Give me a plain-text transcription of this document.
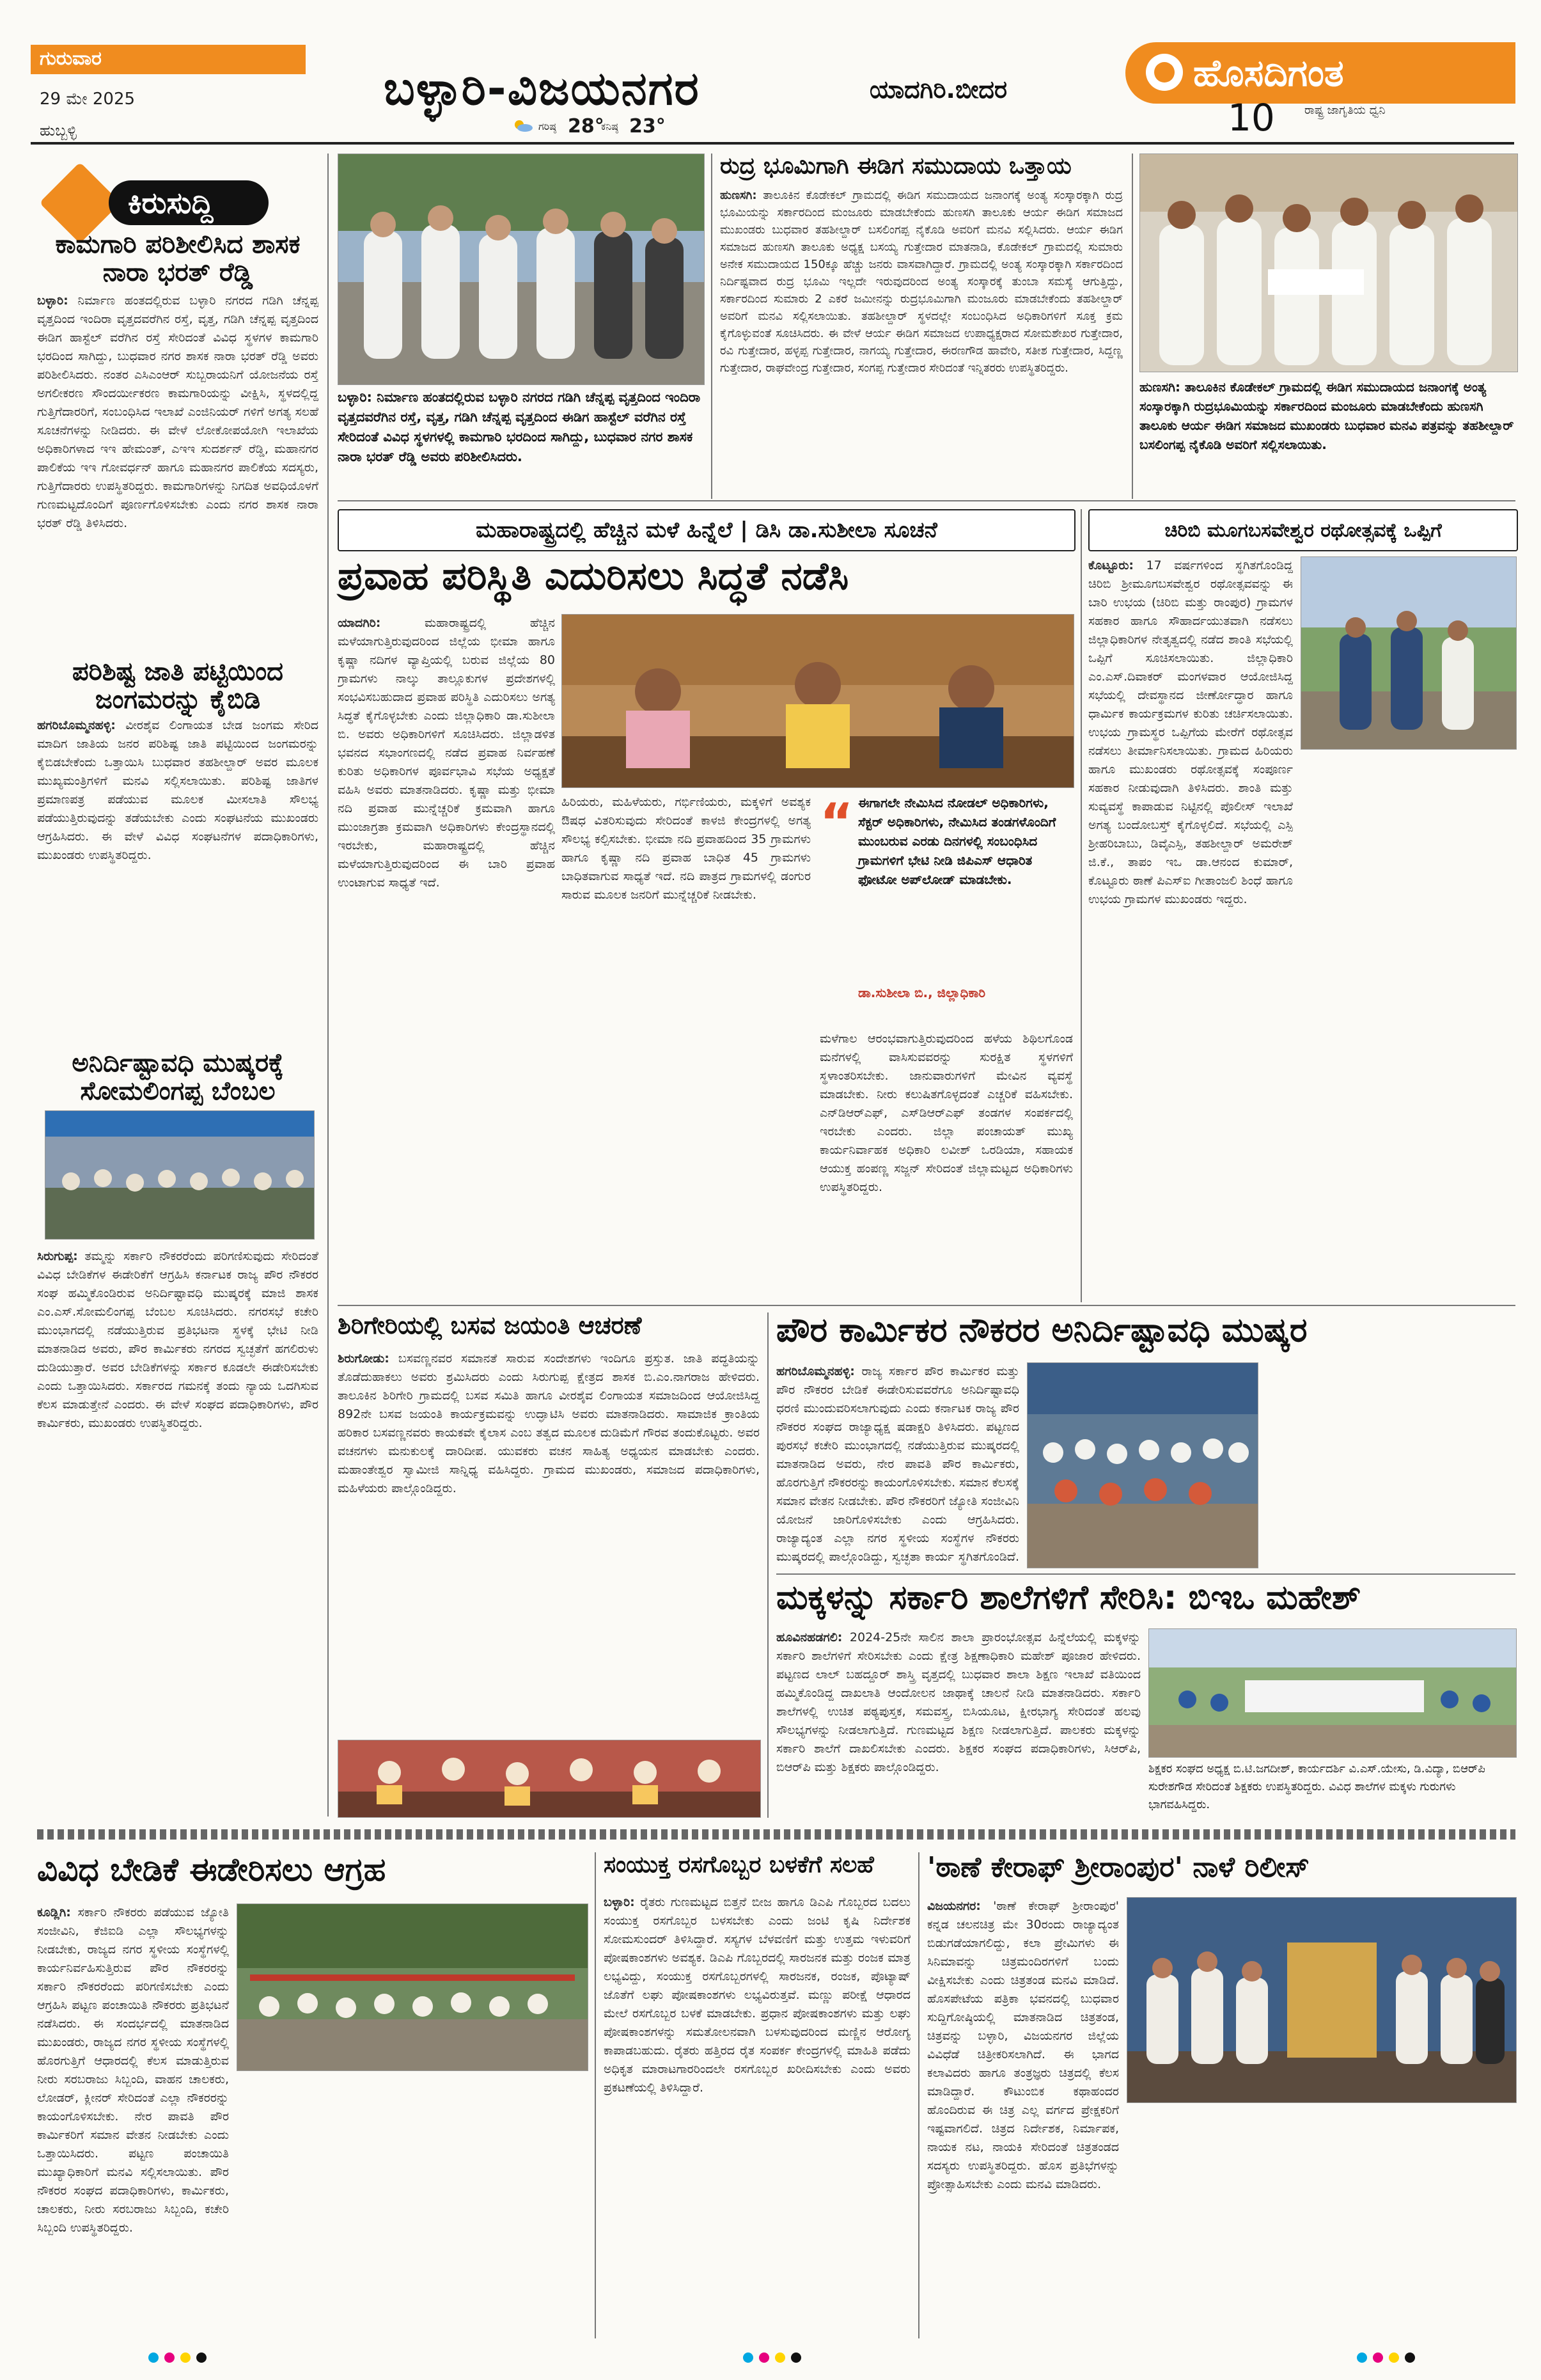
ಗುರುವಾರ
29 ಮೇ 2025
ಹುಬ್ಬಳ್ಳಿ
ಬಳ್ಳಾರಿ-ವಿಜಯನಗರ	ಯಾದಗಿರಿ.ಬೀದರ
ಗರಿಷ್ಠ 28°
ಕನಿಷ್ಠ 23°
ಹೊಸದಿಗಂತ
ರಾಷ್ಟ್ರ ಜಾಗೃತಿಯ ಧ್ವನಿ
10
ಕಿರುಸುದ್ದಿ
ಕಾಮಗಾರಿ ಪರಿಶೀಲಿಸಿದ ಶಾಸಕ ನಾರಾ ಭರತ್ ರೆಡ್ಡಿ
ಬಳ್ಳಾರಿ: ನಿರ್ಮಾಣ ಹಂತದಲ್ಲಿರುವ ಬಳ್ಳಾರಿ ನಗರದ ಗಡಿಗಿ ಚೆನ್ನಪ್ಪ ವೃತ್ತದಿಂದ ಇಂದಿರಾ ವೃತ್ತದವರೆಗಿನ ರಸ್ತೆ, ವೃತ್ತ, ಗಡಿಗಿ ಚೆನ್ನಪ್ಪ ವೃತ್ತದಿಂದ ಈಡಿಗ ಹಾಸ್ಟೆಲ್ ವರೆಗಿನ ರಸ್ತೆ ಸೇರಿದಂತೆ ವಿವಿಧ ಸ್ಥಳಗಳ ಕಾಮಗಾರಿ ಭರದಿಂದ ಸಾಗಿದ್ದು, ಬುಧವಾರ ನಗರ ಶಾಸಕ ನಾರಾ ಭರತ್ ರೆಡ್ಡಿ ಅವರು ಪರಿಶೀಲಿಸಿದರು. ನಂತರ ಎಸಿಎಂಆರ್ ಸುಬ್ಬರಾಯನಿಗೆ ಯೋಜನೆಯ ರಸ್ತೆ ಅಗಲೀಕರಣ ಸೌಂದರ್ಯೀಕರಣ ಕಾಮಗಾರಿಯನ್ನು ವೀಕ್ಷಿಸಿ, ಸ್ಥಳದಲ್ಲಿದ್ದ ಗುತ್ತಿಗೆದಾರರಿಗೆ, ಸಂಬಂಧಿಸಿದ ಇಲಾಖೆ ಎಂಜಿನಿಯರ್ ಗಳಿಗೆ ಅಗತ್ಯ ಸಲಹೆ ಸೂಚನೆಗಳನ್ನು ನೀಡಿದರು. ಈ ವೇಳೆ ಲೋಕೋಪಯೋಗಿ ಇಲಾಖೆಯ ಅಧಿಕಾರಿಗಳಾದ ಇಇ ಹೇಮಂತ್, ಎಇಇ ಸುದರ್ಶನ್ ರೆಡ್ಡಿ, ಮಹಾನಗರ ಪಾಲಿಕೆಯ ಇಇ ಗೋವರ್ಧನ್ ಹಾಗೂ ಮಹಾನಗರ ಪಾಲಿಕೆಯ ಸದಸ್ಯರು, ಗುತ್ತಿಗೆದಾರರು ಉಪಸ್ಥಿತರಿದ್ದರು. ಕಾಮಗಾರಿಗಳನ್ನು ನಿಗದಿತ ಅವಧಿಯೊಳಗೆ ಗುಣಮಟ್ಟದೊಂದಿಗೆ ಪೂರ್ಣಗೊಳಿಸಬೇಕು ಎಂದು ನಗರ ಶಾಸಕ ನಾರಾ ಭರತ್ ರೆಡ್ಡಿ ತಿಳಿಸಿದರು.
ಪರಿಶಿಷ್ಟ ಜಾತಿ ಪಟ್ಟಿಯಿಂದ ಜಂಗಮರನ್ನು ಕೈಬಿಡಿ
ಹಗರಿಬೊಮ್ಮನಹಳ್ಳಿ: ವೀರಶೈವ ಲಿಂಗಾಯತ ಬೇಡ ಜಂಗಮ ಸೇರಿದ ಮಾದಿಗ ಜಾತಿಯ ಜನರ ಪರಿಶಿಷ್ಟ ಜಾತಿ ಪಟ್ಟಿಯಿಂದ ಜಂಗಮರನ್ನು ಕೈಬಿಡಬೇಕೆಂದು ಒತ್ತಾಯಿಸಿ ಬುಧವಾರ ತಹಶೀಲ್ದಾರ್ ಅವರ ಮೂಲಕ ಮುಖ್ಯಮಂತ್ರಿಗಳಿಗೆ ಮನವಿ ಸಲ್ಲಿಸಲಾಯಿತು. ಪರಿಶಿಷ್ಟ ಜಾತಿಗಳ ಪ್ರಮಾಣಪತ್ರ ಪಡೆಯುವ ಮೂಲಕ ಮೀಸಲಾತಿ ಸೌಲಭ್ಯ ಪಡೆಯುತ್ತಿರುವುದನ್ನು ತಡೆಯಬೇಕು ಎಂದು ಸಂಘಟನೆಯ ಮುಖಂಡರು ಆಗ್ರಹಿಸಿದರು. ಈ ವೇಳೆ ವಿವಿಧ ಸಂಘಟನೆಗಳ ಪದಾಧಿಕಾರಿಗಳು, ಮುಖಂಡರು ಉಪಸ್ಥಿತರಿದ್ದರು.
ಅನಿರ್ದಿಷ್ಟಾವಧಿ ಮುಷ್ಕರಕ್ಕೆ ಸೋಮಲಿಂಗಪ್ಪ ಬೆಂಬಲ
ಸಿರುಗುಪ್ಪ: ತಮ್ಮನ್ನು ಸರ್ಕಾರಿ ನೌಕರರೆಂದು ಪರಿಗಣಿಸುವುದು ಸೇರಿದಂತೆ ವಿವಿಧ ಬೇಡಿಕೆಗಳ ಈಡೇರಿಕೆಗೆ ಆಗ್ರಹಿಸಿ ಕರ್ನಾಟಕ ರಾಜ್ಯ ಪೌರ ನೌಕರರ ಸಂಘ ಹಮ್ಮಿಕೊಂಡಿರುವ ಅನಿರ್ದಿಷ್ಟಾವಧಿ ಮುಷ್ಕರಕ್ಕೆ ಮಾಜಿ ಶಾಸಕ ಎಂ.ಎಸ್.ಸೋಮಲಿಂಗಪ್ಪ ಬೆಂಬಲ ಸೂಚಿಸಿದರು. ನಗರಸಭೆ ಕಚೇರಿ ಮುಂಭಾಗದಲ್ಲಿ ನಡೆಯುತ್ತಿರುವ ಪ್ರತಿಭಟನಾ ಸ್ಥಳಕ್ಕೆ ಭೇಟಿ ನೀಡಿ ಮಾತನಾಡಿದ ಅವರು, ಪೌರ ಕಾರ್ಮಿಕರು ನಗರದ ಸ್ವಚ್ಛತೆಗೆ ಹಗಲಿರುಳು ದುಡಿಯುತ್ತಾರೆ. ಅವರ ಬೇಡಿಕೆಗಳನ್ನು ಸರ್ಕಾರ ಕೂಡಲೇ ಈಡೇರಿಸಬೇಕು ಎಂದು ಒತ್ತಾಯಿಸಿದರು. ಸರ್ಕಾರದ ಗಮನಕ್ಕೆ ತಂದು ನ್ಯಾಯ ಒದಗಿಸುವ ಕೆಲಸ ಮಾಡುತ್ತೇನೆ ಎಂದರು. ಈ ವೇಳೆ ಸಂಘದ ಪದಾಧಿಕಾರಿಗಳು, ಪೌರ ಕಾರ್ಮಿಕರು, ಮುಖಂಡರು ಉಪಸ್ಥಿತರಿದ್ದರು.
ಬಳ್ಳಾರಿ: ನಿರ್ಮಾಣ ಹಂತದಲ್ಲಿರುವ ಬಳ್ಳಾರಿ ನಗರದ ಗಡಿಗಿ ಚೆನ್ನಪ್ಪ ವೃತ್ತದಿಂದ ಇಂದಿರಾ ವೃತ್ತದವರೆಗಿನ ರಸ್ತೆ, ವೃತ್ತ, ಗಡಿಗಿ ಚೆನ್ನಪ್ಪ ವೃತ್ತದಿಂದ ಈಡಿಗ ಹಾಸ್ಟೆಲ್ ವರೆಗಿನ ರಸ್ತೆ ಸೇರಿದಂತೆ ವಿವಿಧ ಸ್ಥಳಗಳಲ್ಲಿ ಕಾಮಗಾರಿ ಭರದಿಂದ ಸಾಗಿದ್ದು, ಬುಧವಾರ ನಗರ ಶಾಸಕ ನಾರಾ ಭರತ್ ರೆಡ್ಡಿ ಅವರು ಪರಿಶೀಲಿಸಿದರು.
ರುದ್ರ ಭೂಮಿಗಾಗಿ ಈಡಿಗ ಸಮುದಾಯ ಒತ್ತಾಯ
ಹುಣಸಗಿ: ತಾಲೂಕಿನ ಕೊಡೇಕಲ್ ಗ್ರಾಮದಲ್ಲಿ ಈಡಿಗ ಸಮುದಾಯದ ಜನಾಂಗಕ್ಕೆ ಅಂತ್ಯ ಸಂಸ್ಕಾರಕ್ಕಾಗಿ ರುದ್ರ ಭೂಮಿಯನ್ನು ಸರ್ಕಾರದಿಂದ ಮಂಜೂರು ಮಾಡಬೇಕೆಂದು ಹುಣಸಗಿ ತಾಲೂಕು ಆರ್ಯ ಈಡಿಗ ಸಮಾಜದ ಮುಖಂಡರು ಬುಧವಾರ ತಹಶೀಲ್ದಾರ್ ಬಸಲಿಂಗಪ್ಪ ನೈಕೊಡಿ ಅವರಿಗೆ ಮನವಿ ಸಲ್ಲಿಸಿದರು. ಆರ್ಯ ಈಡಿಗ ಸಮಾಜದ ಹುಣಸಗಿ ತಾಲೂಕು ಅಧ್ಯಕ್ಷ ಬಸಯ್ಯ ಗುತ್ತೇದಾರ ಮಾತನಾಡಿ, ಕೊಡೇಕಲ್ ಗ್ರಾಮದಲ್ಲಿ ಸುಮಾರು ಅನೇಕ ಸಮುದಾಯದ 150ಕ್ಕೂ ಹೆಚ್ಚು ಜನರು ವಾಸವಾಗಿದ್ದಾರೆ. ಗ್ರಾಮದಲ್ಲಿ ಅಂತ್ಯ ಸಂಸ್ಕಾರಕ್ಕಾಗಿ ಸರ್ಕಾರದಿಂದ ನಿರ್ದಿಷ್ಟವಾದ ರುದ್ರ ಭೂಮಿ ಇಲ್ಲದೇ ಇರುವುದರಿಂದ ಅಂತ್ಯ ಸಂಸ್ಕಾರಕ್ಕೆ ತುಂಬಾ ಸಮಸ್ಯೆ ಆಗುತ್ತಿದ್ದು, ಸರ್ಕಾರದಿಂದ ಸುಮಾರು 2 ಎಕರೆ ಜಮೀನನ್ನು ರುದ್ರಭೂಮಿಗಾಗಿ ಮಂಜೂರು ಮಾಡಬೇಕೆಂದು ತಹಶೀಲ್ದಾರ್ ಅವರಿಗೆ ಮನವಿ ಸಲ್ಲಿಸಲಾಯಿತು. ತಹಶೀಲ್ದಾರ್ ಸ್ಥಳದಲ್ಲೇ ಸಂಬಂಧಿಸಿದ ಅಧಿಕಾರಿಗಳಿಗೆ ಸೂಕ್ತ ಕ್ರಮ ಕೈಗೊಳ್ಳುವಂತೆ ಸೂಚಿಸಿದರು. ಈ ವೇಳೆ ಆರ್ಯ ಈಡಿಗ ಸಮಾಜದ ಉಪಾಧ್ಯಕ್ಷರಾದ ಸೋಮಶೇಖರ ಗುತ್ತೇದಾರ, ರವಿ ಗುತ್ತೇದಾರ, ಹಳ್ಳಪ್ಪ ಗುತ್ತೇದಾರ, ನಾಗಯ್ಯ ಗುತ್ತೇದಾರ, ಈರಣಗೌಡ ಹಾವೇರಿ, ಸತೀಶ ಗುತ್ತೇದಾರ, ಸಿದ್ದಣ್ಣ ಗುತ್ತೇದಾರ, ರಾಘವೇಂದ್ರ ಗುತ್ತೇದಾರ, ಸಂಗಪ್ಪ ಗುತ್ತೇದಾರ ಸೇರಿದಂತೆ ಇನ್ನಿತರರು ಉಪಸ್ಥಿತರಿದ್ದರು.
ಹುಣಸಗಿ: ತಾಲೂಕಿನ ಕೊಡೇಕಲ್ ಗ್ರಾಮದಲ್ಲಿ ಈಡಿಗ ಸಮುದಾಯದ ಜನಾಂಗಕ್ಕೆ ಅಂತ್ಯ ಸಂಸ್ಕಾರಕ್ಕಾಗಿ ರುದ್ರಭೂಮಿಯನ್ನು ಸರ್ಕಾರದಿಂದ ಮಂಜೂರು ಮಾಡಬೇಕೆಂದು ಹುಣಸಗಿ ತಾಲೂಕು ಆರ್ಯ ಈಡಿಗ ಸಮಾಜದ ಮುಖಂಡರು ಬುಧವಾರ ಮನವಿ ಪತ್ರವನ್ನು ತಹಶೀಲ್ದಾರ್ ಬಸಲಿಂಗಪ್ಪ ನೈಕೊಡಿ ಅವರಿಗೆ ಸಲ್ಲಿಸಲಾಯಿತು.
ಮಹಾರಾಷ್ಟ್ರದಲ್ಲಿ ಹೆಚ್ಚಿನ ಮಳೆ ಹಿನ್ನೆಲೆ | ಡಿಸಿ ಡಾ.ಸುಶೀಲಾ ಸೂಚನೆ
ಪ್ರವಾಹ ಪರಿಸ್ಥಿತಿ ಎದುರಿಸಲು ಸಿದ್ಧತೆ ನಡೆಸಿ
ಯಾದಗಿರಿ:	ಮಹಾರಾಷ್ಟ್ರದಲ್ಲಿ ಹೆಚ್ಚಿನ ಮಳೆಯಾಗುತ್ತಿರುವುದರಿಂದ ಜಿಲ್ಲೆಯ ಭೀಮಾ ಹಾಗೂ ಕೃಷ್ಣಾ ನದಿಗಳ ವ್ಯಾಪ್ತಿಯಲ್ಲಿ ಬರುವ ಜಿಲ್ಲೆಯ 80 ಗ್ರಾಮಗಳು ನಾಲ್ಕು ತಾಲ್ಲೂಕುಗಳ ಪ್ರದೇಶಗಳಲ್ಲಿ ಸಂಭವಿಸಬಹುದಾದ ಪ್ರವಾಹ ಪರಿಸ್ಥಿತಿ ಎದುರಿಸಲು ಅಗತ್ಯ ಸಿದ್ಧತೆ ಕೈಗೊಳ್ಳಬೇಕು ಎಂದು ಜಿಲ್ಲಾಧಿಕಾರಿ ಡಾ.ಸುಶೀಲಾ ಬಿ. ಅವರು ಅಧಿಕಾರಿಗಳಿಗೆ ಸೂಚಿಸಿದರು. ಜಿಲ್ಲಾಡಳಿತ ಭವನದ ಸಭಾಂಗಣದಲ್ಲಿ ನಡೆದ ಪ್ರವಾಹ ನಿರ್ವಹಣೆ ಕುರಿತು ಅಧಿಕಾರಿಗಳ ಪೂರ್ವಭಾವಿ ಸಭೆಯ ಅಧ್ಯಕ್ಷತೆ ವಹಿಸಿ ಅವರು ಮಾತನಾಡಿದರು. ಕೃಷ್ಣಾ ಮತ್ತು ಭೀಮಾ ನದಿ ಪ್ರವಾಹ ಮುನ್ನೆಚ್ಚರಿಕೆ ಕ್ರಮವಾಗಿ ಹಾಗೂ ಮುಂಜಾಗ್ರತಾ ಕ್ರಮವಾಗಿ ಅಧಿಕಾರಿಗಳು ಕೇಂದ್ರಸ್ಥಾನದಲ್ಲಿ ಇರಬೇಕು, ಮಹಾರಾಷ್ಟ್ರದಲ್ಲಿ ಹೆಚ್ಚಿನ ಮಳೆಯಾಗುತ್ತಿರುವುದರಿಂದ ಈ ಬಾರಿ ಪ್ರವಾಹ ಉಂಟಾಗುವ ಸಾಧ್ಯತೆ ಇದೆ.
ಹಿರಿಯರು, ಮಹಿಳೆಯರು, ಗರ್ಭಿಣಿಯರು, ಮಕ್ಕಳಿಗೆ ಅವಶ್ಯಕ ಔಷಧ ವಿತರಿಸುವುದು ಸೇರಿದಂತೆ ಕಾಳಜಿ ಕೇಂದ್ರಗಳಲ್ಲಿ ಅಗತ್ಯ ಸೌಲಭ್ಯ ಕಲ್ಪಿಸಬೇಕು. ಭೀಮಾ ನದಿ ಪ್ರವಾಹದಿಂದ 35 ಗ್ರಾಮಗಳು ಹಾಗೂ ಕೃಷ್ಣಾ ನದಿ ಪ್ರವಾಹ ಬಾಧಿತ 45 ಗ್ರಾಮಗಳು ಬಾಧಿತವಾಗುವ ಸಾಧ್ಯತೆ ಇದೆ. ನದಿ ಪಾತ್ರದ ಗ್ರಾಮಗಳಲ್ಲಿ ಡಂಗುರ ಸಾರುವ ಮೂಲಕ ಜನರಿಗೆ ಮುನ್ನೆಚ್ಚರಿಕೆ ನೀಡಬೇಕು.
“ ಈಗಾಗಲೇ ನೇಮಿಸಿದ ನೋಡಲ್ ಅಧಿಕಾರಿಗಳು, ಸೆಕ್ಟರ್ ಅಧಿಕಾರಿಗಳು, ನೇಮಿಸಿದ ತಂಡಗಳೊಂದಿಗೆ ಮುಂಬರುವ ಎರಡು ದಿನಗಳಲ್ಲಿ ಸಂಬಂಧಿಸಿದ ಗ್ರಾಮಗಳಿಗೆ ಭೇಟಿ ನೀಡಿ ಜಿಪಿಎಸ್ ಆಧಾರಿತ ಫೋಟೋ ಅಪ್‌ಲೋಡ್ ಮಾಡಬೇಕು.
ಡಾ.ಸುಶೀಲಾ ಬಿ., ಜಿಲ್ಲಾಧಿಕಾರಿ
ಮಳೆಗಾಲ ಆರಂಭವಾಗುತ್ತಿರುವುದರಿಂದ ಹಳೆಯ ಶಿಥಿಲಗೊಂಡ ಮನೆಗಳಲ್ಲಿ ವಾಸಿಸುವವರನ್ನು ಸುರಕ್ಷಿತ ಸ್ಥಳಗಳಿಗೆ ಸ್ಥಳಾಂತರಿಸಬೇಕು. ಜಾನುವಾರುಗಳಿಗೆ ಮೇವಿನ ವ್ಯವಸ್ಥೆ ಮಾಡಬೇಕು. ನೀರು ಕಲುಷಿತಗೊಳ್ಳದಂತೆ ಎಚ್ಚರಿಕೆ ವಹಿಸಬೇಕು. ಎನ್‌ಡಿಆರ್‌ಎಫ್, ಎಸ್‌ಡಿಆರ್‌ಎಫ್ ತಂಡಗಳ ಸಂಪರ್ಕದಲ್ಲಿ ಇರಬೇಕು ಎಂದರು. ಜಿಲ್ಲಾ ಪಂಚಾಯತ್ ಮುಖ್ಯ ಕಾರ್ಯನಿರ್ವಾಹಕ ಅಧಿಕಾರಿ ಲವೀಶ್ ಒರಡಿಯಾ, ಸಹಾಯಕ ಆಯುಕ್ತ ಹಂಪಣ್ಣ ಸಜ್ಜನ್ ಸೇರಿದಂತೆ ಜಿಲ್ಲಾಮಟ್ಟದ ಅಧಿಕಾರಿಗಳು ಉಪಸ್ಥಿತರಿದ್ದರು.
ಚಿರಿಬಿ ಮೂಗಬಸವೇಶ್ವರ ರಥೋತ್ಸವಕ್ಕೆ ಒಪ್ಪಿಗೆ
ಕೊಟ್ಟೂರು: 17 ವರ್ಷಗಳಿಂದ ಸ್ಥಗಿತಗೊಂಡಿದ್ದ ಚಿರಿಬಿ ಶ್ರೀಮೂಗಬಸವೇಶ್ವರ ರಥೋತ್ಸವವನ್ನು ಈ ಬಾರಿ ಉಭಯ (ಚಿರಿಬಿ ಮತ್ತು ರಾಂಪುರ) ಗ್ರಾಮಗಳ ಸಹಕಾರ ಹಾಗೂ ಸೌಹಾರ್ದಯುತವಾಗಿ ನಡೆಸಲು ಜಿಲ್ಲಾಧಿಕಾರಿಗಳ ನೇತೃತ್ವದಲ್ಲಿ ನಡೆದ ಶಾಂತಿ ಸಭೆಯಲ್ಲಿ ಒಪ್ಪಿಗೆ ಸೂಚಿಸಲಾಯಿತು. ಜಿಲ್ಲಾಧಿಕಾರಿ ಎಂ.ಎಸ್.ದಿವಾಕರ್ ಮಂಗಳವಾರ ಆಯೋಜಿಸಿದ್ದ ಸಭೆಯಲ್ಲಿ ದೇವಸ್ಥಾನದ ಜೀರ್ಣೋದ್ಧಾರ ಹಾಗೂ ಧಾರ್ಮಿಕ ಕಾರ್ಯಕ್ರಮಗಳ ಕುರಿತು ಚರ್ಚಿಸಲಾಯಿತು. ಉಭಯ ಗ್ರಾಮಸ್ಥರ ಒಪ್ಪಿಗೆಯ ಮೇರೆಗೆ ರಥೋತ್ಸವ ನಡೆಸಲು ತೀರ್ಮಾನಿಸಲಾಯಿತು. ಗ್ರಾಮದ ಹಿರಿಯರು ಹಾಗೂ ಮುಖಂಡರು ರಥೋತ್ಸವಕ್ಕೆ ಸಂಪೂರ್ಣ ಸಹಕಾರ ನೀಡುವುದಾಗಿ ತಿಳಿಸಿದರು. ಶಾಂತಿ ಮತ್ತು ಸುವ್ಯವಸ್ಥೆ ಕಾಪಾಡುವ ನಿಟ್ಟಿನಲ್ಲಿ ಪೊಲೀಸ್ ಇಲಾಖೆ ಅಗತ್ಯ ಬಂದೋಬಸ್ತ್ ಕೈಗೊಳ್ಳಲಿದೆ. ಸಭೆಯಲ್ಲಿ ಎಸ್ಪಿ ಶ್ರೀಹರಿಬಾಬು, ಡಿವೈಎಸ್ಪಿ, ತಹಶೀಲ್ದಾರ್ ಅಮರೇಶ್ ಜಿ.ಕೆ., ತಾಪಂ ಇಒ ಡಾ.ಆನಂದ ಕುಮಾರ್, ಕೊಟ್ಟೂರು ಠಾಣೆ ಪಿಎಸ್ಐ ಗೀತಾಂಜಲಿ ಶಿಂಧೆ ಹಾಗೂ ಉಭಯ ಗ್ರಾಮಗಳ ಮುಖಂಡರು ಇದ್ದರು.
ಶಿರಿಗೇರಿಯಲ್ಲಿ ಬಸವ ಜಯಂತಿ ಆಚರಣೆ
ಶಿರುಗೋಡು: ಬಸವಣ್ಣನವರ ಸಮಾನತೆ ಸಾರುವ ಸಂದೇಶಗಳು ಇಂದಿಗೂ ಪ್ರಸ್ತುತ. ಜಾತಿ ಪದ್ಧತಿಯನ್ನು ತೊಡೆದುಹಾಕಲು ಅವರು ಶ್ರಮಿಸಿದರು ಎಂದು ಸಿರುಗುಪ್ಪ ಕ್ಷೇತ್ರದ ಶಾಸಕ ಬಿ.ಎಂ.ನಾಗರಾಜ ಹೇಳಿದರು. ತಾಲೂಕಿನ ಶಿರಿಗೇರಿ ಗ್ರಾಮದಲ್ಲಿ ಬಸವ ಸಮಿತಿ ಹಾಗೂ ವೀರಶೈವ ಲಿಂಗಾಯತ ಸಮಾಜದಿಂದ ಆಯೋಜಿಸಿದ್ದ 892ನೇ ಬಸವ ಜಯಂತಿ ಕಾರ್ಯಕ್ರಮವನ್ನು ಉದ್ಘಾಟಿಸಿ ಅವರು ಮಾತನಾಡಿದರು. ಸಾಮಾಜಿಕ ಕ್ರಾಂತಿಯ ಹರಿಕಾರ ಬಸವಣ್ಣನವರು ಕಾಯಕವೇ ಕೈಲಾಸ ಎಂಬ ತತ್ವದ ಮೂಲಕ ದುಡಿಮೆಗೆ ಗೌರವ ತಂದುಕೊಟ್ಟರು. ಅವರ ವಚನಗಳು ಮನುಕುಲಕ್ಕೆ ದಾರಿದೀಪ. ಯುವಕರು ವಚನ ಸಾಹಿತ್ಯ ಅಧ್ಯಯನ ಮಾಡಬೇಕು ಎಂದರು. ಮಹಾಂತೇಶ್ವರ ಸ್ವಾಮೀಜಿ ಸಾನ್ನಿಧ್ಯ ವಹಿಸಿದ್ದರು. ಗ್ರಾಮದ ಮುಖಂಡರು, ಸಮಾಜದ ಪದಾಧಿಕಾರಿಗಳು, ಮಹಿಳೆಯರು ಪಾಲ್ಗೊಂಡಿದ್ದರು.
ಪೌರ ಕಾರ್ಮಿಕರ ನೌಕರರ ಅನಿರ್ದಿಷ್ಟಾವಧಿ ಮುಷ್ಕರ
ಹಗರಿಬೊಮ್ಮನಹಳ್ಳಿ: ರಾಜ್ಯ ಸರ್ಕಾರ ಪೌರ ಕಾರ್ಮಿಕರ ಮತ್ತು ಪೌರ ನೌಕರರ ಬೇಡಿಕೆ ಈಡೇರಿಸುವವರೆಗೂ ಅನಿರ್ದಿಷ್ಟಾವಧಿ ಧರಣಿ ಮುಂದುವರಿಸಲಾಗುವುದು ಎಂದು ಕರ್ನಾಟಕ ರಾಜ್ಯ ಪೌರ ನೌಕರರ ಸಂಘದ ರಾಜ್ಯಾಧ್ಯಕ್ಷ ಷಡಾಕ್ಷರಿ ತಿಳಿಸಿದರು. ಪಟ್ಟಣದ ಪುರಸಭೆ ಕಚೇರಿ ಮುಂಭಾಗದಲ್ಲಿ ನಡೆಯುತ್ತಿರುವ ಮುಷ್ಕರದಲ್ಲಿ ಮಾತನಾಡಿದ ಅವರು, ನೇರ ಪಾವತಿ ಪೌರ ಕಾರ್ಮಿಕರು, ಹೊರಗುತ್ತಿಗೆ ನೌಕರರನ್ನು ಕಾಯಂಗೊಳಿಸಬೇಕು. ಸಮಾನ ಕೆಲಸಕ್ಕೆ ಸಮಾನ ವೇತನ ನೀಡಬೇಕು. ಪೌರ ನೌಕರರಿಗೆ ಜ್ಯೋತಿ ಸಂಜೀವಿನಿ ಯೋಜನೆ ಜಾರಿಗೊಳಿಸಬೇಕು ಎಂದು ಆಗ್ರಹಿಸಿದರು. ರಾಜ್ಯಾದ್ಯಂತ ಎಲ್ಲಾ ನಗರ ಸ್ಥಳೀಯ ಸಂಸ್ಥೆಗಳ ನೌಕರರು ಮುಷ್ಕರದಲ್ಲಿ ಪಾಲ್ಗೊಂಡಿದ್ದು, ಸ್ವಚ್ಛತಾ ಕಾರ್ಯ ಸ್ಥಗಿತಗೊಂಡಿದೆ.
ಮಕ್ಕಳನ್ನು ಸರ್ಕಾರಿ ಶಾಲೆಗಳಿಗೆ ಸೇರಿಸಿ: ಬಿಇಒ ಮಹೇಶ್
ಹೂವಿನಹಡಗಲಿ: 2024-25ನೇ ಸಾಲಿನ ಶಾಲಾ ಪ್ರಾರಂಭೋತ್ಸವ ಹಿನ್ನೆಲೆಯಲ್ಲಿ ಮಕ್ಕಳನ್ನು ಸರ್ಕಾರಿ ಶಾಲೆಗಳಿಗೆ ಸೇರಿಸಬೇಕು ಎಂದು ಕ್ಷೇತ್ರ ಶಿಕ್ಷಣಾಧಿಕಾರಿ ಮಹೇಶ್ ಪೂಜಾರ ಹೇಳಿದರು. ಪಟ್ಟಣದ ಲಾಲ್ ಬಹದ್ದೂರ್ ಶಾಸ್ತ್ರಿ ವೃತ್ತದಲ್ಲಿ ಬುಧವಾರ ಶಾಲಾ ಶಿಕ್ಷಣ ಇಲಾಖೆ ವತಿಯಿಂದ ಹಮ್ಮಿಕೊಂಡಿದ್ದ ದಾಖಲಾತಿ ಆಂದೋಲನ ಜಾಥಾಕ್ಕೆ ಚಾಲನೆ ನೀಡಿ ಮಾತನಾಡಿದರು. ಸರ್ಕಾರಿ ಶಾಲೆಗಳಲ್ಲಿ ಉಚಿತ ಪಠ್ಯಪುಸ್ತಕ, ಸಮವಸ್ತ್ರ, ಬಿಸಿಯೂಟ, ಕ್ಷೀರಭಾಗ್ಯ ಸೇರಿದಂತೆ ಹಲವು ಸೌಲಭ್ಯಗಳನ್ನು ನೀಡಲಾಗುತ್ತಿದೆ. ಗುಣಮಟ್ಟದ ಶಿಕ್ಷಣ ನೀಡಲಾಗುತ್ತಿದೆ. ಪಾಲಕರು ಮಕ್ಕಳನ್ನು ಸರ್ಕಾರಿ ಶಾಲೆಗೆ ದಾಖಲಿಸಬೇಕು ಎಂದರು. ಶಿಕ್ಷಕರ ಸಂಘದ ಪದಾಧಿಕಾರಿಗಳು, ಸಿಆರ್‌ಪಿ, ಬಿಆರ್‌ಪಿ ಮತ್ತು ಶಿಕ್ಷಕರು ಪಾಲ್ಗೊಂಡಿದ್ದರು.	ಶಿಕ್ಷಕರ ಸಂಘದ ಅಧ್ಯಕ್ಷ ಬಿ.ಟಿ.ಜಗದೀಶ್, ಕಾರ್ಯದರ್ಶಿ ವಿ.ಎಸ್.ಯೇಸು, ಡಿ.ವಿದ್ಯಾ, ಬಿಆರ್‌ಪಿ ಸುರೇಶಗೌಡ ಸೇರಿದಂತೆ ಶಿಕ್ಷಕರು ಉಪಸ್ಥಿತರಿದ್ದರು. ವಿವಿಧ ಶಾಲೆಗಳ ಮಕ್ಕಳು ಗುರುಗಳು ಭಾಗವಹಿಸಿದ್ದರು.
ವಿವಿಧ ಬೇಡಿಕೆ ಈಡೇರಿಸಲು ಆಗ್ರಹ
ಕೂಡ್ಲಿಗಿ: ಸರ್ಕಾರಿ ನೌಕರರು ಪಡೆಯುವ ಜ್ಯೋತಿ ಸಂಜೀವಿನಿ, ಕೆಜಿಐಡಿ ಎಲ್ಲಾ ಸೌಲಭ್ಯಗಳನ್ನು ನೀಡಬೇಕು, ರಾಜ್ಯದ ನಗರ ಸ್ಥಳೀಯ ಸಂಸ್ಥೆಗಳಲ್ಲಿ ಕಾರ್ಯನಿರ್ವಹಿಸುತ್ತಿರುವ ಪೌರ ನೌಕರರನ್ನು ಸರ್ಕಾರಿ ನೌಕರರೆಂದು ಪರಿಗಣಿಸಬೇಕು ಎಂದು ಆಗ್ರಹಿಸಿ ಪಟ್ಟಣ ಪಂಚಾಯಿತಿ ನೌಕರರು ಪ್ರತಿಭಟನೆ ನಡೆಸಿದರು. ಈ ಸಂದರ್ಭದಲ್ಲಿ ಮಾತನಾಡಿದ ಮುಖಂಡರು, ರಾಜ್ಯದ ನಗರ ಸ್ಥಳೀಯ ಸಂಸ್ಥೆಗಳಲ್ಲಿ ಹೊರಗುತ್ತಿಗೆ ಆಧಾರದಲ್ಲಿ ಕೆಲಸ ಮಾಡುತ್ತಿರುವ ನೀರು ಸರಬರಾಜು ಸಿಬ್ಬಂದಿ, ವಾಹನ ಚಾಲಕರು, ಲೋಡರ್, ಕ್ಲೀನರ್ ಸೇರಿದಂತೆ ಎಲ್ಲಾ ನೌಕರರನ್ನು ಕಾಯಂಗೊಳಿಸಬೇಕು. ನೇರ ಪಾವತಿ ಪೌರ ಕಾರ್ಮಿಕರಿಗೆ ಸಮಾನ ವೇತನ ನೀಡಬೇಕು ಎಂದು ಒತ್ತಾಯಿಸಿದರು. ಪಟ್ಟಣ ಪಂಚಾಯಿತಿ ಮುಖ್ಯಾಧಿಕಾರಿಗೆ ಮನವಿ ಸಲ್ಲಿಸಲಾಯಿತು. ಪೌರ ನೌಕರರ ಸಂಘದ ಪದಾಧಿಕಾರಿಗಳು, ಕಾರ್ಮಿಕರು, ಚಾಲಕರು, ನೀರು ಸರಬರಾಜು ಸಿಬ್ಬಂದಿ, ಕಚೇರಿ ಸಿಬ್ಬಂದಿ ಉಪಸ್ಥಿತರಿದ್ದರು.
ಸಂಯುಕ್ತ ರಸಗೊಬ್ಬರ ಬಳಕೆಗೆ ಸಲಹೆ
ಬಳ್ಳಾರಿ: ರೈತರು ಗುಣಮಟ್ಟದ ಬಿತ್ತನೆ ಬೀಜ ಹಾಗೂ ಡಿಎಪಿ ಗೊಬ್ಬರದ ಬದಲು ಸಂಯುಕ್ತ ರಸಗೊಬ್ಬರ ಬಳಸಬೇಕು ಎಂದು ಜಂಟಿ ಕೃಷಿ ನಿರ್ದೇಶಕ ಸೋಮಸುಂದರ್ ತಿಳಿಸಿದ್ದಾರೆ. ಸಸ್ಯಗಳ ಬೆಳವಣಿಗೆ ಮತ್ತು ಉತ್ತಮ ಇಳುವರಿಗೆ ಪೋಷಕಾಂಶಗಳು ಅವಶ್ಯಕ. ಡಿಎಪಿ ಗೊಬ್ಬರದಲ್ಲಿ ಸಾರಜನಕ ಮತ್ತು ರಂಜಕ ಮಾತ್ರ ಲಭ್ಯವಿದ್ದು, ಸಂಯುಕ್ತ ರಸಗೊಬ್ಬರಗಳಲ್ಲಿ ಸಾರಜನಕ, ರಂಜಕ, ಪೊಟ್ಯಾಷ್ ಜೊತೆಗೆ ಲಘು ಪೋಷಕಾಂಶಗಳು ಲಭ್ಯವಿರುತ್ತವೆ. ಮಣ್ಣು ಪರೀಕ್ಷೆ ಆಧಾರದ ಮೇಲೆ ರಸಗೊಬ್ಬರ ಬಳಕೆ ಮಾಡಬೇಕು. ಪ್ರಧಾನ ಪೋಷಕಾಂಶಗಳು ಮತ್ತು ಲಘು ಪೋಷಕಾಂಶಗಳನ್ನು ಸಮತೋಲನವಾಗಿ ಬಳಸುವುದರಿಂದ ಮಣ್ಣಿನ ಆರೋಗ್ಯ ಕಾಪಾಡಬಹುದು. ರೈತರು ಹತ್ತಿರದ ರೈತ ಸಂಪರ್ಕ ಕೇಂದ್ರಗಳಲ್ಲಿ ಮಾಹಿತಿ ಪಡೆದು ಅಧಿಕೃತ ಮಾರಾಟಗಾರರಿಂದಲೇ ರಸಗೊಬ್ಬರ ಖರೀದಿಸಬೇಕು ಎಂದು ಅವರು ಪ್ರಕಟಣೆಯಲ್ಲಿ ತಿಳಿಸಿದ್ದಾರೆ.
'ಠಾಣೆ ಕೇರಾಫ್ ಶ್ರೀರಾಂಪುರ' ನಾಳೆ ರಿಲೀಸ್
ವಿಜಯನಗರ: 'ಠಾಣೆ ಕೇರಾಫ್ ಶ್ರೀರಾಂಪುರ' ಕನ್ನಡ ಚಲನಚಿತ್ರ ಮೇ 30ರಂದು ರಾಜ್ಯಾದ್ಯಂತ ಬಿಡುಗಡೆಯಾಗಲಿದ್ದು, ಕಲಾ ಪ್ರೇಮಿಗಳು ಈ ಸಿನಿಮಾವನ್ನು ಚಿತ್ರಮಂದಿರಗಳಿಗೆ ಬಂದು ವೀಕ್ಷಿಸಬೇಕು ಎಂದು ಚಿತ್ರತಂಡ ಮನವಿ ಮಾಡಿದೆ. ಹೊಸಪೇಟೆಯ ಪತ್ರಿಕಾ ಭವನದಲ್ಲಿ ಬುಧವಾರ ಸುದ್ದಿಗೋಷ್ಠಿಯಲ್ಲಿ ಮಾತನಾಡಿದ ಚಿತ್ರತಂಡ, ಚಿತ್ರವನ್ನು ಬಳ್ಳಾರಿ, ವಿಜಯನಗರ ಜಿಲ್ಲೆಯ ವಿವಿಧೆಡೆ ಚಿತ್ರೀಕರಿಸಲಾಗಿದೆ. ಈ ಭಾಗದ ಕಲಾವಿದರು ಹಾಗೂ ತಂತ್ರಜ್ಞರು ಚಿತ್ರದಲ್ಲಿ ಕೆಲಸ ಮಾಡಿದ್ದಾರೆ. ಕೌಟುಂಬಿಕ ಕಥಾಹಂದರ ಹೊಂದಿರುವ ಈ ಚಿತ್ರ ಎಲ್ಲ ವರ್ಗದ ಪ್ರೇಕ್ಷಕರಿಗೆ ಇಷ್ಟವಾಗಲಿದೆ. ಚಿತ್ರದ ನಿರ್ದೇಶಕ, ನಿರ್ಮಾಪಕ, ನಾಯಕ ನಟ, ನಾಯಕಿ ಸೇರಿದಂತೆ ಚಿತ್ರತಂಡದ ಸದಸ್ಯರು ಉಪಸ್ಥಿತರಿದ್ದರು. ಹೊಸ ಪ್ರತಿಭೆಗಳನ್ನು ಪ್ರೋತ್ಸಾಹಿಸಬೇಕು ಎಂದು ಮನವಿ ಮಾಡಿದರು.
